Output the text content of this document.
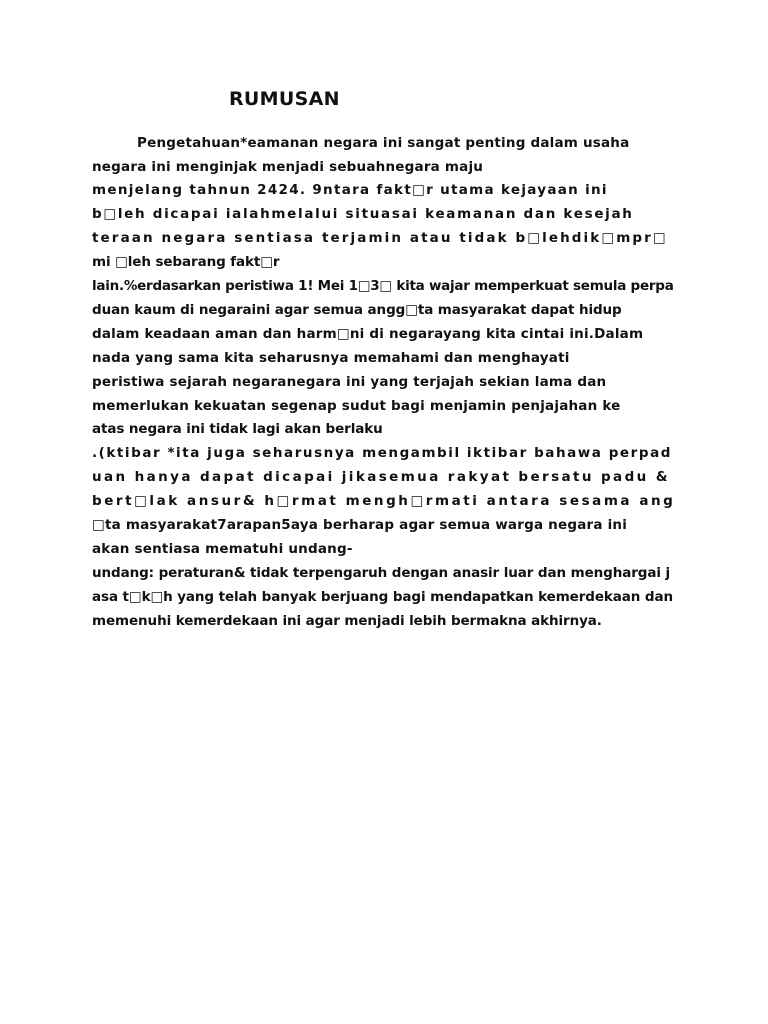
RUMUSAN
Pengetahuan*eamanan negara ini sangat penting dalam usaha
negara ini menginjak menjadi sebuahnegara maju
menjelang tahnun 2424. 9ntara fakt□r utama kejayaan ini
b□leh dicapai ialahmelalui situasai keamanan dan kesejah
teraan negara sentiasa terjamin atau tidak b□lehdik□mpr□
mi □leh sebarang fakt□r
lain.%erdasarkan peristiwa 1! Mei 1□3□ kita wajar memperkuat semula perpa
duan kaum di negaraini agar semua angg□ta masyarakat dapat hidup
dalam keadaan aman dan harm□ni di negarayang kita cintai ini.Dalam
nada yang sama kita seharusnya memahami dan menghayati
peristiwa sejarah negaranegara ini yang terjajah sekian lama dan
memerlukan kekuatan segenap sudut bagi menjamin penjajahan ke
atas negara ini tidak lagi akan berlaku
.(ktibar *ita juga seharusnya mengambil iktibar bahawa perpad
uan hanya dapat dicapai jikasemua rakyat bersatu padu &
bert□lak ansur& h□rmat mengh□rmati antara sesama ang
□ta masyarakat7arapan5aya berharap agar semua warga negara ini
akan sentiasa mematuhi undang-
undang: peraturan& tidak terpengaruh dengan anasir luar dan menghargai j
asa t□k□h yang telah banyak berjuang bagi mendapatkan kemerdekaan dan
memenuhi kemerdekaan ini agar menjadi lebih bermakna akhirnya.
